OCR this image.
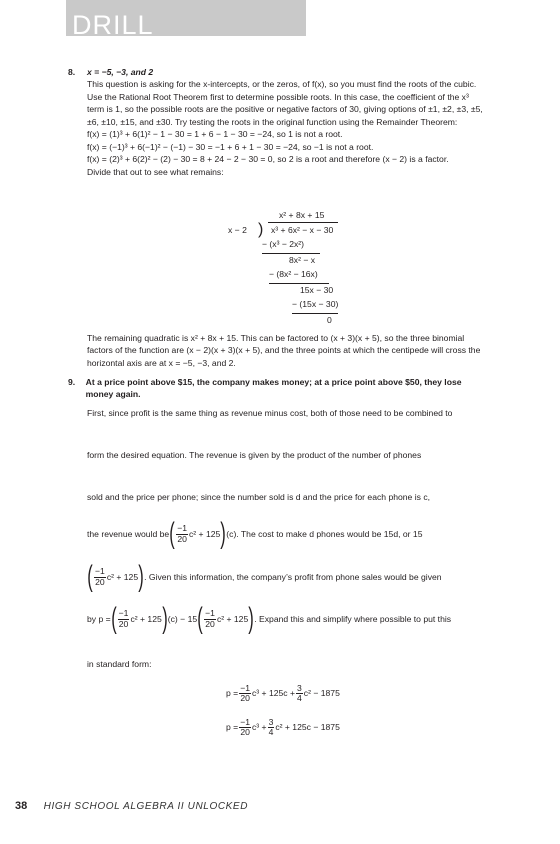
DRILL
8.	x = −5, −3, and 2

This question is asking for the x-intercepts, or the zeros, of f(x), so you must find the roots of the cubic. Use the Rational Root Theorem first to determine possible roots. In this case, the coefficient of the x³ term is 1, so the possible roots are the positive or negative factors of 30, giving options of ±1, ±2, ±3, ±5, ±6, ±10, ±15, and ±30. Try testing the roots in the original function using the Remainder Theorem:

f(x) = (1)³ + 6(1)² − 1 − 30 = 1 + 6 − 1 − 30 = −24, so 1 is not a root.

f(x) = (−1)³ + 6(−1)² − (−1) − 30 = −1 + 6 + 1 − 30 = −24, so −1 is not a root.

f(x) = (2)³ + 6(2)² − (2) − 30 = 8 + 24 − 2 − 30 = 0, so 2 is a root and therefore (x − 2) is a factor.

Divide that out to see what remains:

x² + 8x + 15
x − 2 ) x³ + 6x² − x − 30
− (x³ − 2x²)
8x² − x
− (8x² − 16x)
15x − 30
− (15x − 30)
0

The remaining quadratic is x² + 8x + 15. This can be factored to (x + 3)(x + 5), so the three binomial factors of the function are (x − 2)(x + 3)(x + 5), and the three points at which the centipede will cross the horizontal axis are at x = −5, −3, and 2.

9.	At a price point above $15, the company makes money; at a price point above $50, they lose money again.
First, since profit is the same thing as revenue minus cost, both of those need to be combined to
form the desired equation. The revenue is given by the product of the number of phones
sold and the price per phone; since the number sold is d and the price for each phone is c,
the revenue would be ( $\frac{-1}{20} c^2 + 125$ ) (c). The cost to make d phones would be 15d, or 15
( $\frac{-1}{20} c^2 + 125$ ) . Given this information, the company’s profit from phone sales would be given
by p = ( $\frac{-1}{20} c^2 + 125$ ) (c) − 15 ( $\frac{-1}{20} c^2 + 125$ ) . Expand this and simplify where possible to put this
in standard form:
$p = \frac{-1}{20} c^3 + 125c + \frac{3}{4} c^2 - 1875$
$p = \frac{-1}{20} c^3 + \frac{3}{4} c^2 + 125c - 1875$
38 HIGH SCHOOL ALGEBRA II UNLOCKED
